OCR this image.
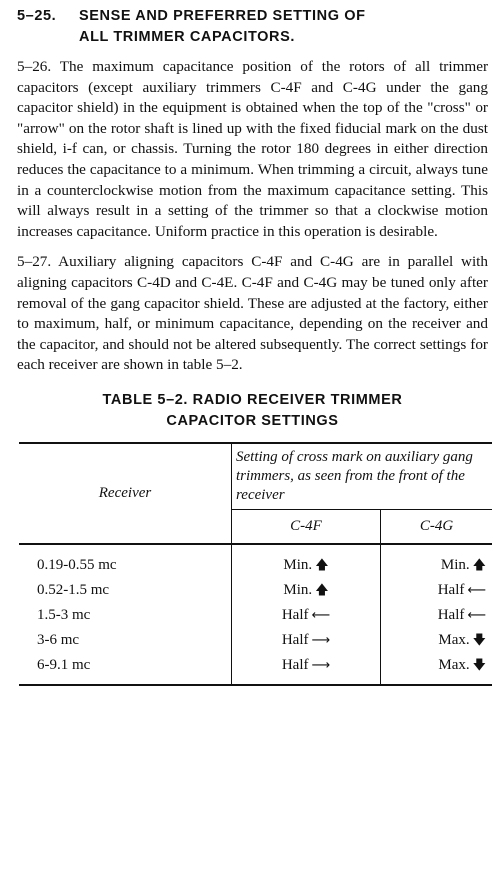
5–25. SENSE AND PREFERRED SETTING OF
ALL TRIMMER CAPACITORS.

5–26. The maximum capacitance position of the rotors of all trimmer capacitors (except auxiliary trimmers C-4F and C-4G under the gang capacitor shield) in the equipment is obtained when the top of the "cross" or "arrow" on the rotor shaft is lined up with the fixed fiducial mark on the dust shield, i-f can, or chassis. Turning the rotor 180 degrees in either direction reduces the capacitance to a minimum. When trimming a circuit, always tune in a counterclockwise motion from the maximum capacitance setting. This will always result in a setting of the trimmer so that a clockwise motion increases capacitance. Uniform practice in this operation is desirable.

5–27. Auxiliary aligning capacitors C-4F and C-4G are in parallel with aligning capacitors C-4D and C-4E. C-4F and C-4G may be tuned only after removal of the gang capacitor shield. These are adjusted at the factory, either to maximum, half, or minimum capacitance, depending on the receiver and the capacitor, and should not be altered subsequently. The correct settings for each receiver are shown in table 5–2.

TABLE 5–2. RADIO RECEIVER TRIMMER
CAPACITOR SETTINGS
Receiver	Setting of cross mark on auxiliary gang trimmers, as seen from the front of the receiver	
	C-4F	C-4G
0.19-0.55 mc	Min. 🡅	Min. 🡅
0.52-1.5 mc	Min. 🡅	Half ⟵
1.5-3 mc	Half ⟵	Half ⟵
3-6 mc	Half ⟶	Max. 🡇
6-9.1 mc	Half ⟶	Max. 🡇
